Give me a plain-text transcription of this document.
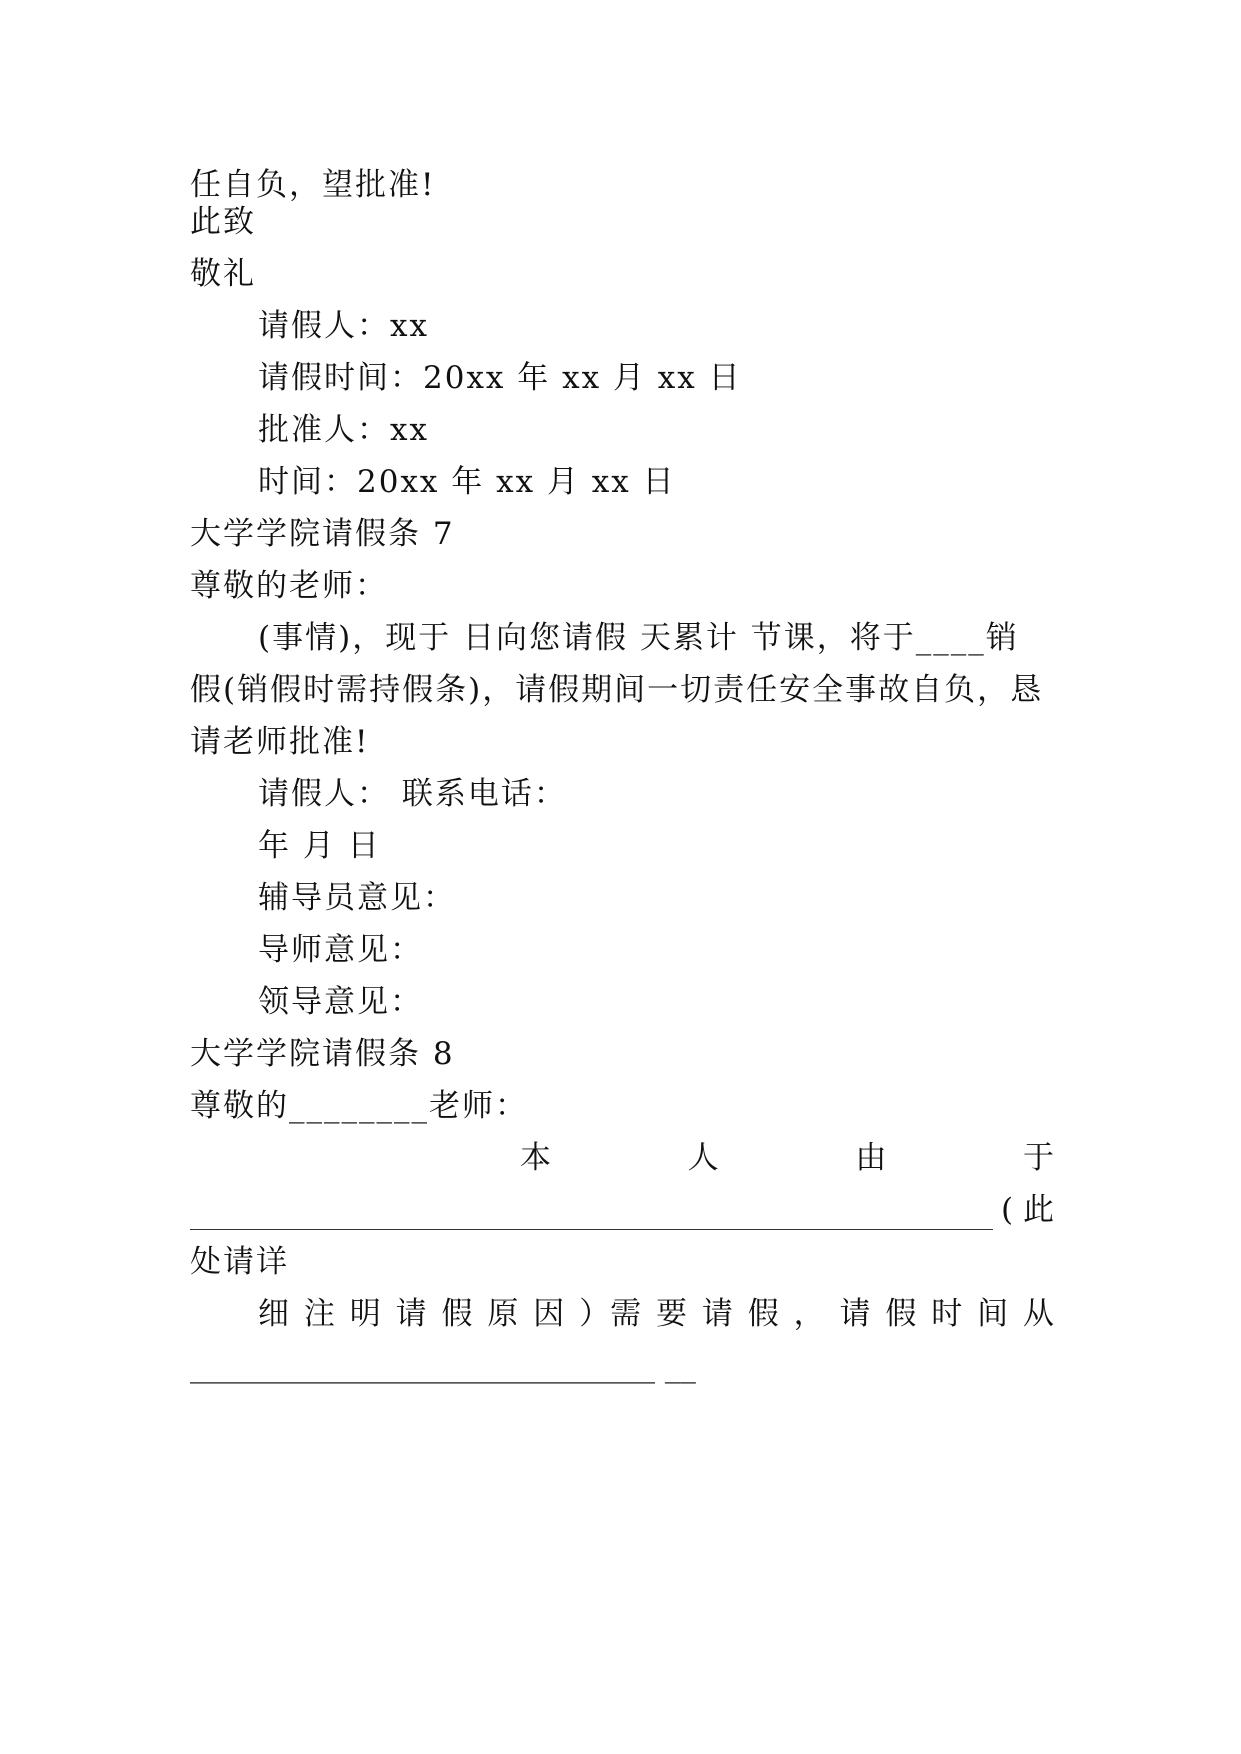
任自负，望批准!
此致
敬礼
请假人：xx
请假时间：20xx 年 xx 月 xx 日
批准人：xx
时间：20xx 年 xx 月 xx 日
大学学院请假条 7
尊敬的老师：
(事情)，现于 日向您请假 天累计 节课，将于____销
假(销假时需持假条)，请假期间一切责任安全事故自负，恳
请老师批准!
请假人： 联系电话：
年 月 日
辅导员意见：
导师意见：
领导意见：
大学学院请假条 8
尊敬的________老师：
本	人	由	于
( 此
处请详
细 注 明 请 假 原 因 ）需 要 请 假 ， 请 假 时 间 从
______________________________ __
